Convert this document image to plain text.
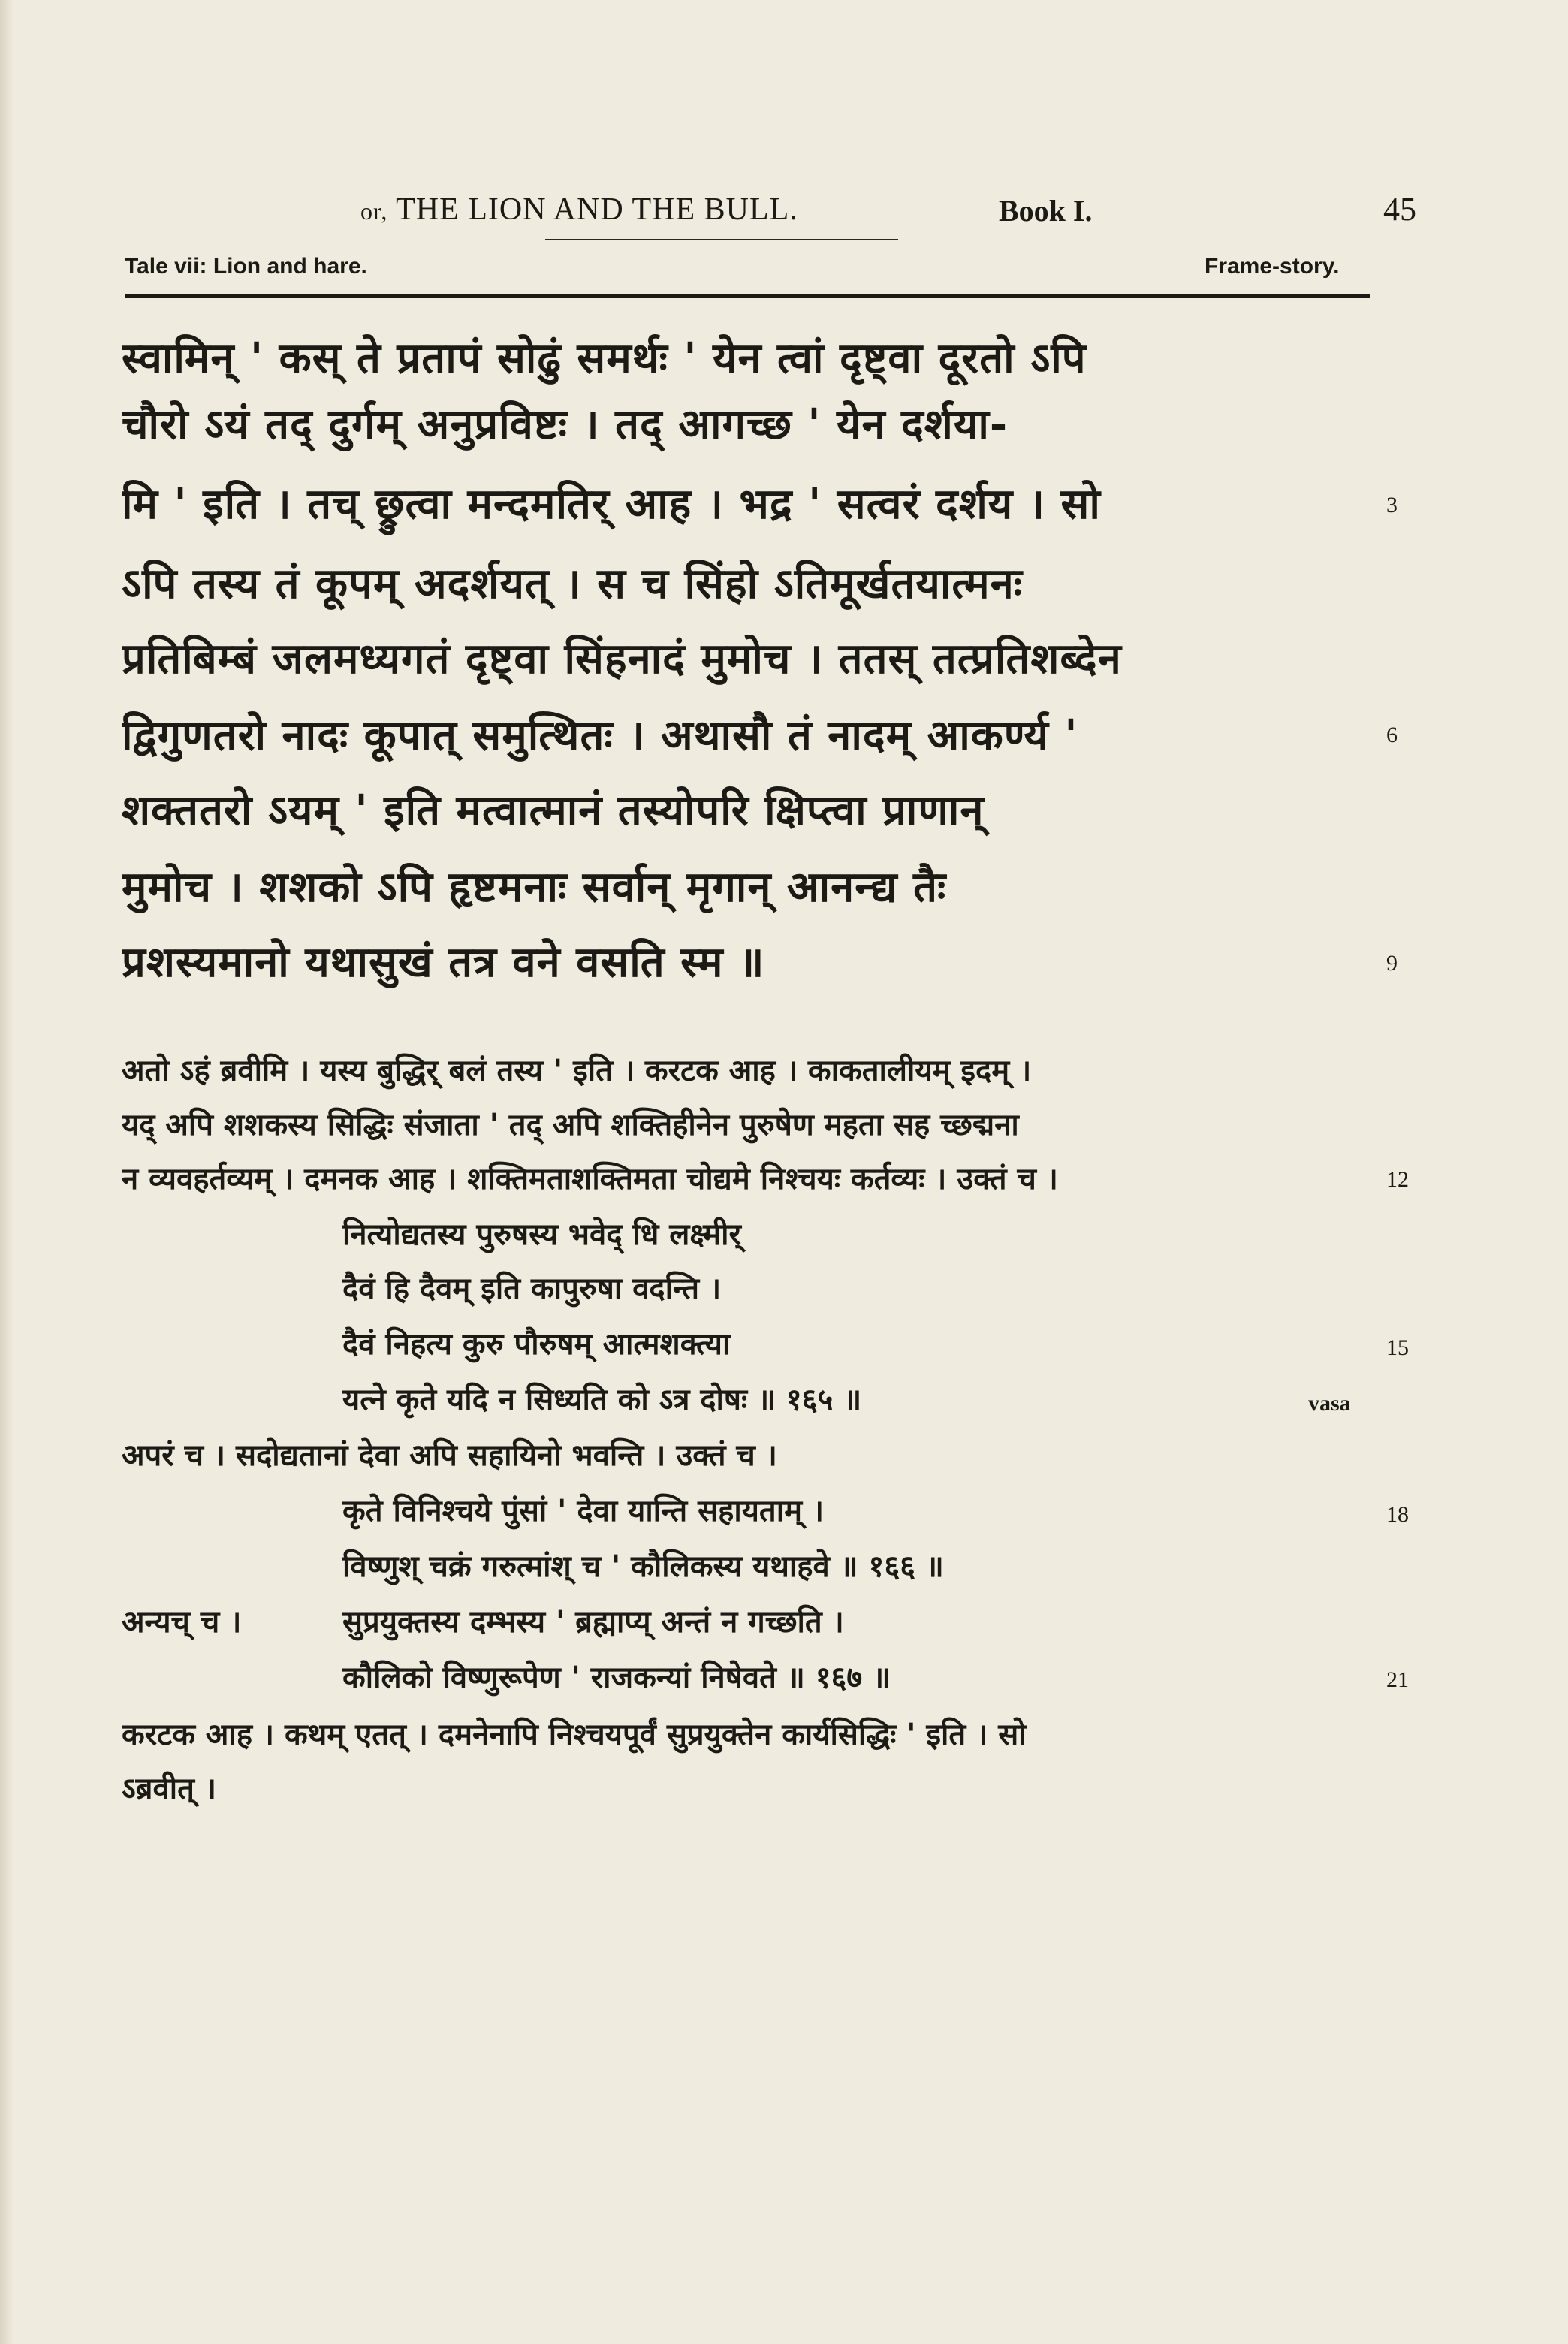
or, THE LION AND THE BULL.	Book I.	45
Tale vii: Lion and hare.	Frame-story.
स्वामिन् ' कस् ते प्रतापं सोढुं समर्थः ' येन त्वां दृष्ट्वा दूरतो ऽपि
चौरो ऽयं तद् दुर्गम् अनुप्रविष्टः । तद् आगच्छ ' येन दर्शया-
मि ' इति । तच् छ्रुत्वा मन्दमतिर् आह । भद्र ' सत्वरं दर्शय । सो
ऽपि तस्य तं कूपम् अदर्शयत् । स च सिंहो ऽतिमूर्खतयात्मनः
प्रतिबिम्बं जलमध्यगतं दृष्ट्वा सिंहनादं मुमोच । ततस् तत्प्रतिशब्देन
द्विगुणतरो नादः कूपात् समुत्थितः । अथासौ तं नादम् आकर्ण्य '
शक्ततरो ऽयम् ' इति मत्वात्मानं तस्योपरि क्षिप्त्वा प्राणान्
मुमोच । शशको ऽपि हृष्टमनाः सर्वान् मृगान् आनन्द्य तैः
प्रशस्यमानो यथासुखं तत्र वने वसति स्म ॥
3
6
9
अतो ऽहं ब्रवीमि । यस्य बुद्धिर् बलं तस्य ' इति । करटक आह । काकतालीयम् इदम् ।
यद् अपि शशकस्य सिद्धिः संजाता ' तद् अपि शक्तिहीनेन पुरुषेण महता सह च्छद्मना
न व्यवहर्तव्यम् । दमनक आह । शक्तिमताशक्तिमता चोद्यमे निश्चयः कर्तव्यः । उक्तं च ।	12
नित्योद्यतस्य पुरुषस्य भवेद् धि लक्ष्मीर्
दैवं हि दैवम् इति कापुरुषा वदन्ति ।
दैवं निहत्य कुरु पौरुषम् आत्मशक्त्या	15
यत्ने कृते यदि न सिध्यति को ऽत्र दोषः ॥ १६५ ॥	vasa
अपरं च । सदोद्यतानां देवा अपि सहायिनो भवन्ति । उक्तं च ।
कृते विनिश्चये पुंसां ' देवा यान्ति सहायताम् ।	18
विष्णुश् चक्रं गरुत्मांश् च ' कौलिकस्य यथाहवे ॥ १६६ ॥
अन्यच् च ।	सुप्रयुक्तस्य दम्भस्य ' ब्रह्माप्य् अन्तं न गच्छति ।
कौलिको विष्णुरूपेण ' राजकन्यां निषेवते ॥ १६७ ॥	21
करटक आह । कथम् एतत् । दमनेनापि निश्चयपूर्वं सुप्रयुक्तेन कार्यसिद्धिः ' इति । सो
ऽब्रवीत् ।
